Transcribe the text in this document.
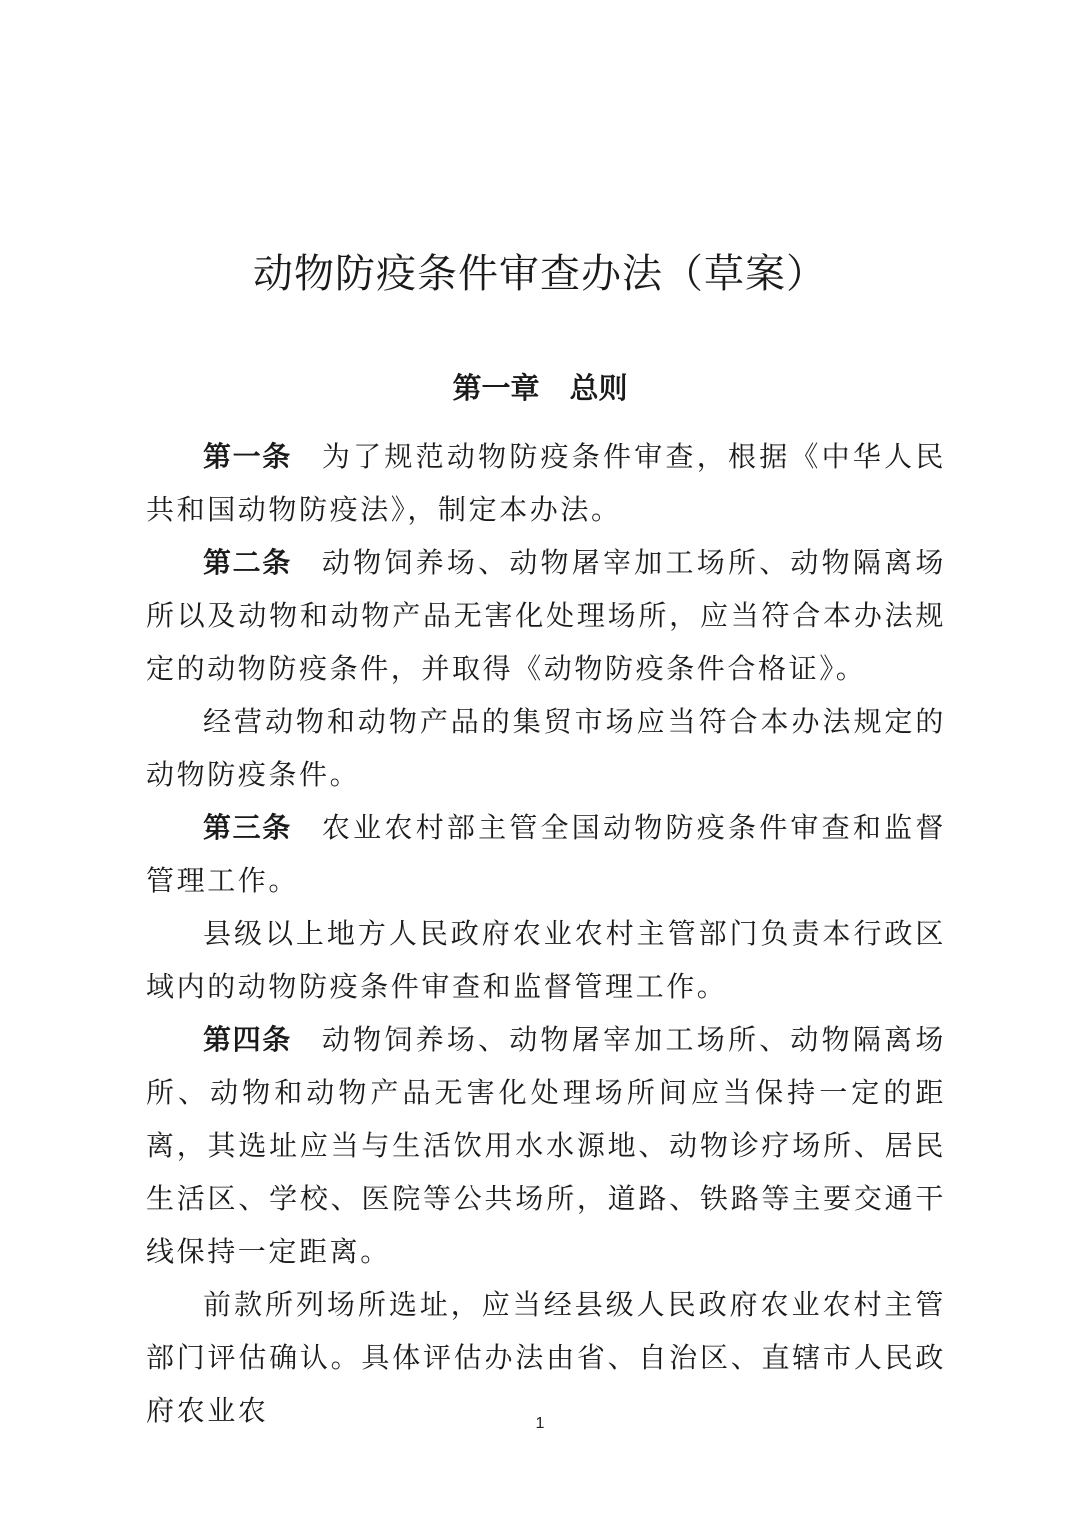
动物防疫条件审查办法（草案）
第一章 总则

第一条 为了规范动物防疫条件审查，根据《中华人民共和国动物防疫法》，制定本办法。

第二条 动物饲养场、动物屠宰加工场所、动物隔离场所以及动物和动物产品无害化处理场所，应当符合本办法规定的动物防疫条件，并取得《动物防疫条件合格证》。

经营动物和动物产品的集贸市场应当符合本办法规定的动物防疫条件。

第三条 农业农村部主管全国动物防疫条件审查和监督管理工作。

县级以上地方人民政府农业农村主管部门负责本行政区域内的动物防疫条件审查和监督管理工作。

第四条 动物饲养场、动物屠宰加工场所、动物隔离场所、动物和动物产品无害化处理场所间应当保持一定的距离，其选址应当与生活饮用水水源地、动物诊疗场所、居民生活区、学校、医院等公共场所，道路、铁路等主要交通干线保持一定距离。

前款所列场所选址，应当经县级人民政府农业农村主管部门评估确认。具体评估办法由省、自治区、直辖市人民政府农业农	1
